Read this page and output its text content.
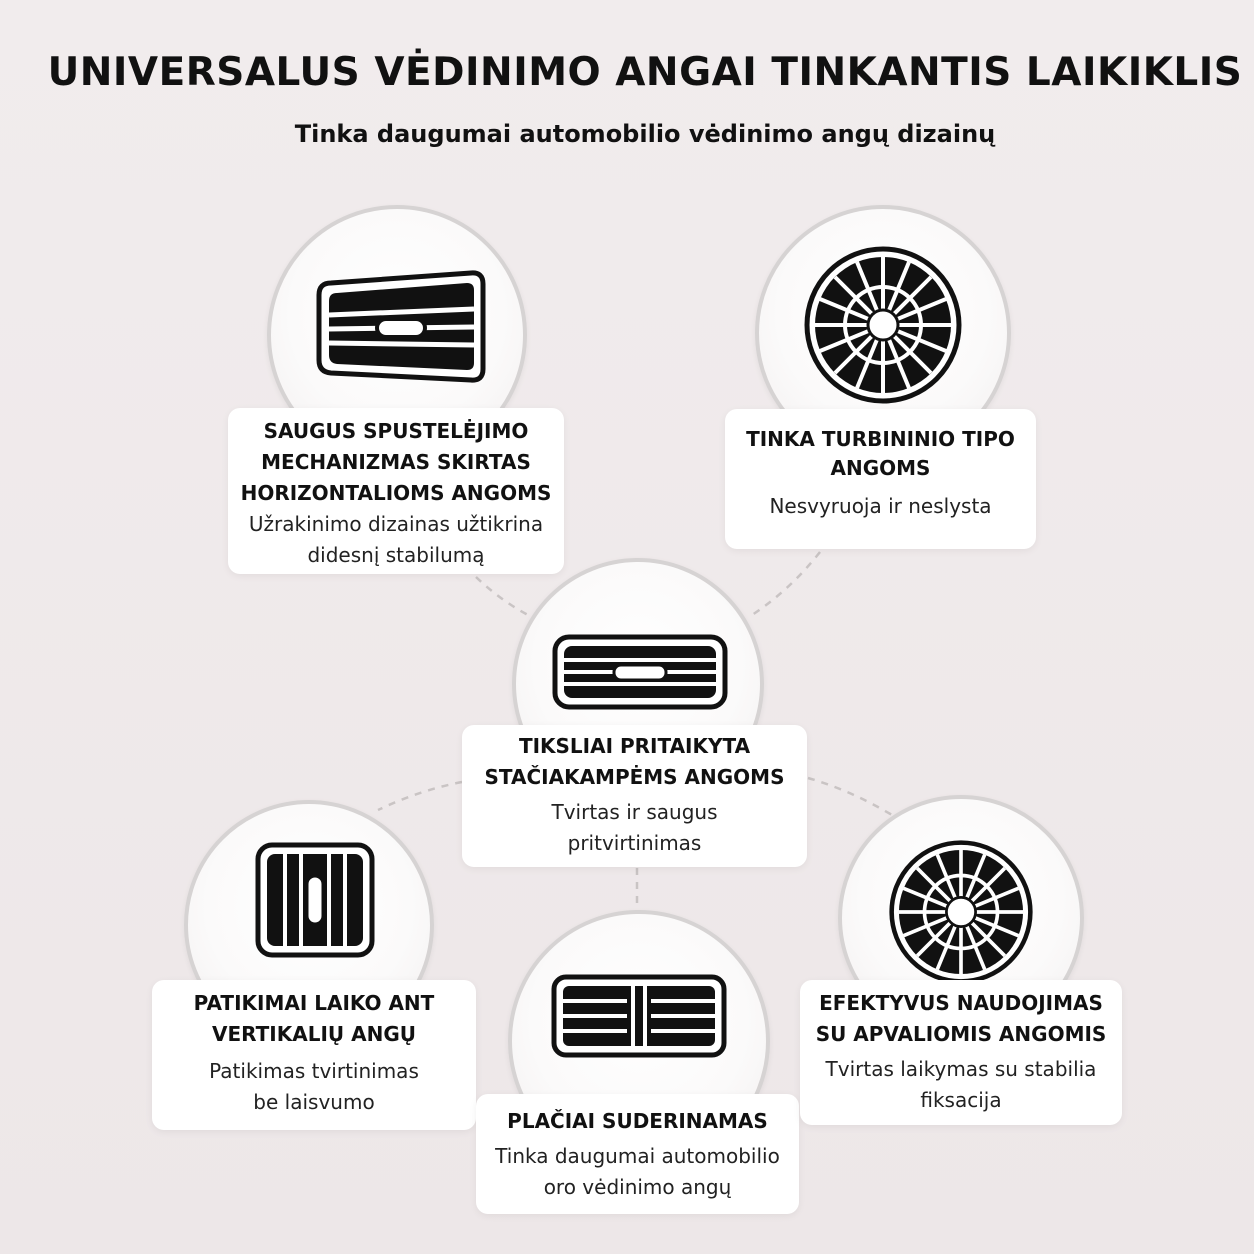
UNIVERSALUS VĖDINIMO ANGAI TINKANTIS LAIKIKLIS
Tinka daugumai automobilio vėdinimo angų dizainų

SAUGUS SPUSTELĖJIMO
MECHANIZMAS SKIRTAS
HORIZONTALIOMS ANGOMS

Užrakinimo dizainas užtikrina
didesnį stabilumą

TINKA TURBININIO TIPO
ANGOMS

Nesvyruoja ir neslysta

TIKSLIAI PRITAIKYTA
STAČIAKAMPĖMS ANGOMS

Tvirtas ir saugus
pritvirtinimas

PATIKIMAI LAIKO ANT
VERTIKALIŲ ANGŲ

Patikimas tvirtinimas
be laisvumo

PLAČIAI SUDERINAMAS

Tinka daugumai automobilio
oro vėdinimo angų

EFEKTYVUS NAUDOJIMAS
SU APVALIOMIS ANGOMIS

Tvirtas laikymas su stabilia
fiksacija
